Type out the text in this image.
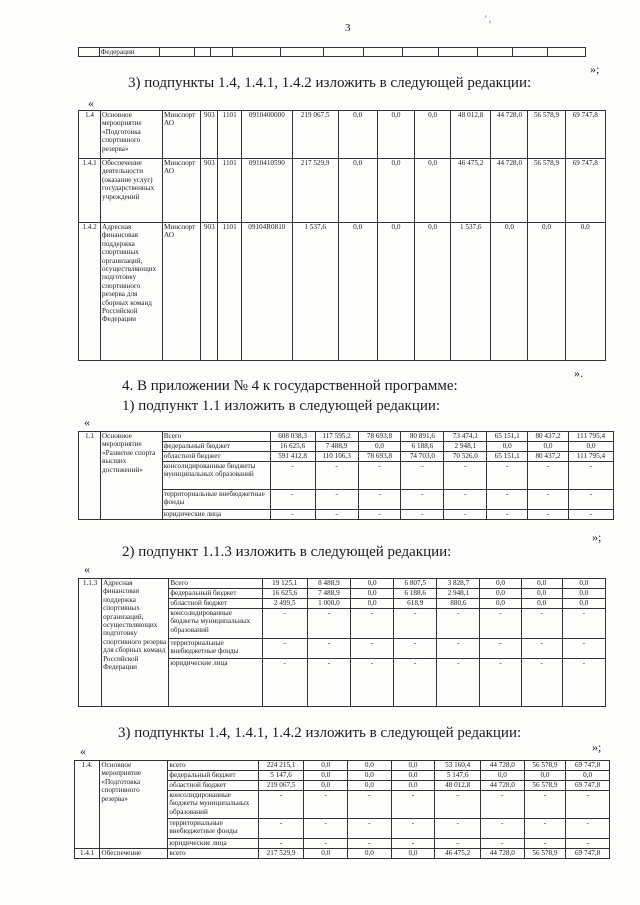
3
' ,
	Федерации												
»;
3) подпункты 1.4, 1.4.1, 1.4.2 изложить в следующей редакции:
«
1.4	Основное мероприятие «Подготовка спортивного резерва»	Минспорт АО	903	1101	0910400000	219 067,5	0,0	0,0	0,0	48 012,8	44 728,0	56 578,9	69 747,8
1.4.1	Обеспечение деятельности (оказание услуг) государственных учреждений	Минспорт АО	903	1101	0910410590	217 529,9	0,0	0,0	0,0	46 475,2	44 728,0	56 578,9	69 747,8
1.4.2	Адресная финансовая поддержка спортивных организаций, осуществляющих подготовку спортивного резерва для сборных команд Российской Федерации	Минспорт АО	903	1101	09104R0810	1 537,6	0,0	0,0	0,0	1 537,6	0,0	0,0	0,0
».
4. В приложении № 4 к государственной программе:
1) подпункт 1.1 изложить в следующей редакции:
«
1.1	Основное мероприятие «Развитие спорта высших достижений»	Всего	608 038,3	117 595,2	78 693,8	80 891,6	73 474,1	65 151,1	80 437,2	111 795,4
		федеральный бюджет	16 625,6	7 488,9	0,0	6 188,6	2 948,1	0,0	0,0	0,0
		областной бюджет	591 412,8	110 106,3	78 693,8	74 703,0	70 526,0	65 151,1	80 437,2	111 795,4
		консолидированные бюджеты муниципальных образований	-	-	-	-	-	-	-	-
		территориальные внебюджетные фонды	-	-	-	-	-	-	-	-
		юридические лица	-	-	-	-	-	-	-	-
»;
2) подпункт 1.1.3 изложить в следующей редакции:
«
1.1.3	Адресная финансовая поддержка спортивных организаций, осуществляющих подготовку спортивного резерва для сборных команд Российской Федерации	Всего	19 125,1	8 488,9	0,0	6 807,5	3 828,7	0,0	0,0	0,0
		федеральный бюджет	16 625,6	7 488,9	0,0	6 188,6	2 948,1	0,0	0,0	0,0
		областной бюджет	2 499,5	1 000,0	0,0	618,9	880,6	0,0	0,0	0,0
		консолидированные бюджеты муниципальных образований	-	-	-	-	-	-	-	-
		территориальные внебюджетные фонды	-	-	-	-	-	-	-	-
		юридические лица	-	-	-	-	-	-	-	-
»;
3) подпункты 1.4, 1.4.1, 1.4.2 изложить в следующей редакции:
«
1.4.	Основное мероприятие «Подготовка спортивного резерва»	всего	224 215,1	0,0	0,0	0,0	53 160,4	44 728,0	56 578,9	69 747,8
		федеральный бюджет	5 147,6	0,0	0,0	0,0	5 147,6	0,0	0,0	0,0
		областной бюджет	219 067,5	0,0	0,0	0,0	48 012,8	44 728,0	56 578,9	69 747,8
		консолидированные бюджеты муниципальных образований	-	-	-	-	-	-	-	-
		территориальные внебюджетные фонды	-	-	-	-	-	-	-	-
		юридические лица	-	-	-	-	-	-	-	-
1.4.1	Обеспечение	всего	217 529,9	0,0	0,0	0,0	46 475,2	44 728,0	56 578,9	69 747,8
